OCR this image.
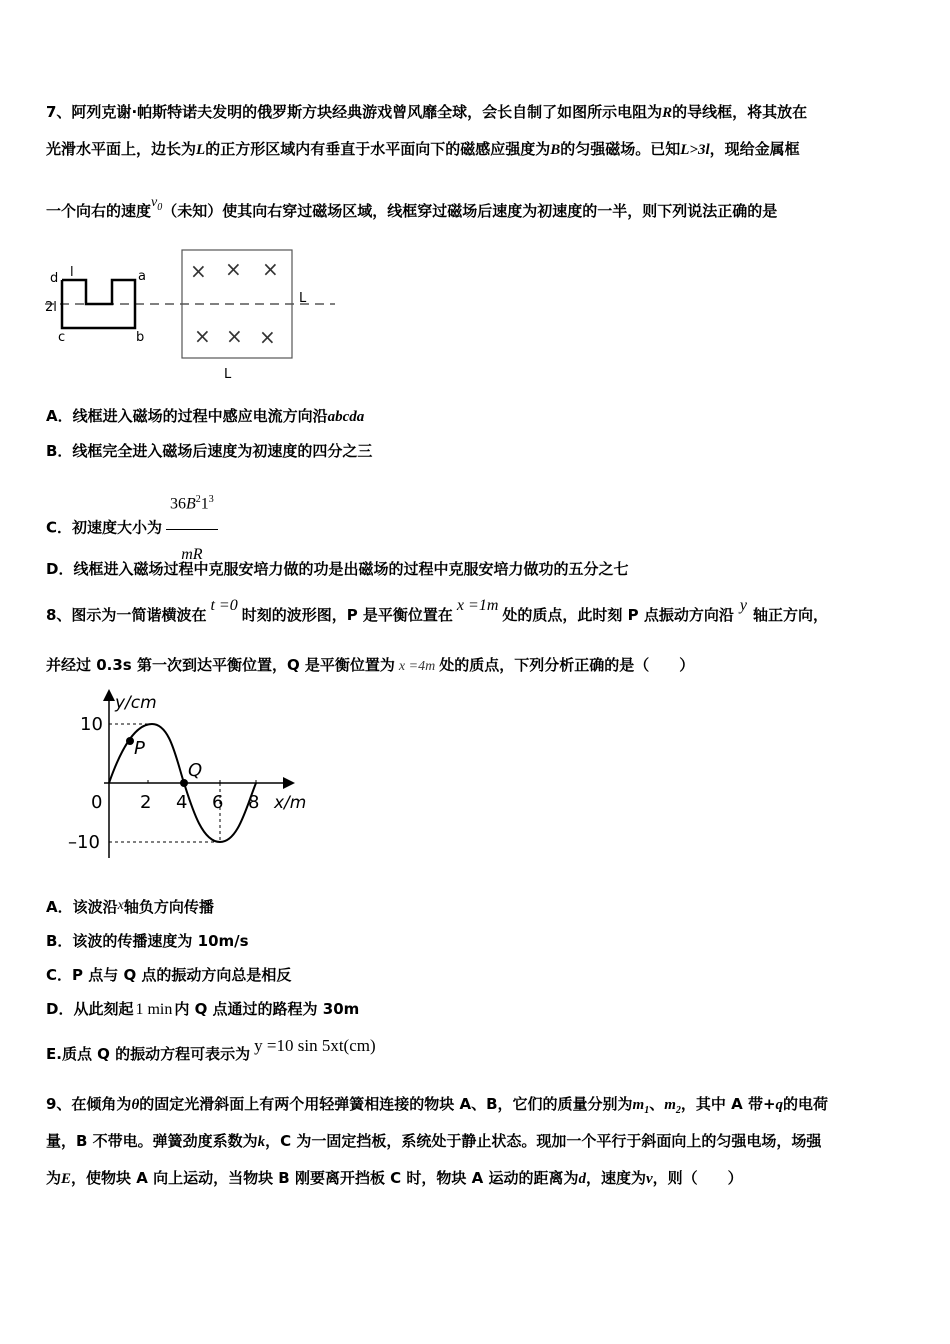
7、阿列克谢·帕斯特诺夫发明的俄罗斯方块经典游戏曾风靡全球，会长自制了如图所示电阻为R的导线框，将其放在
光滑水平面上，边长为L的正方形区域内有垂直于水平面向下的磁感应强度为B的匀强磁场。已知L>3l，现给金属框
一个向右的速度$v_0$（未知）使其向右穿过磁场区域，线框穿过磁场后速度为初速度的一半，则下列说法正确的是
d l	a
2l
c	b
L
L
× × ×
× × ×
A．线框进入磁场的过程中感应电流方向沿abcda
B．线框完全进入磁场后速度为初速度的四分之三
C．初速度大小为 $\frac{36B^21^3}{mR}$
D．线框进入磁场过程中克服安培力做的功是出磁场的过程中克服安培力做功的五分之七
8、图示为一简谐横波在t =0时刻的波形图，P 是平衡位置在x =1m处的质点，此时刻 P 点振动方向沿y轴正方向，
并经过 0.3s 第一次到达平衡位置，Q 是平衡位置为 x =4m 处的质点，下列分析正确的是（　　）
y/cm
10
–10
0 2 4 6 8 x/m
P
Q
A．该波沿x轴负方向传播
B．该波的传播速度为 10m/s
C．P 点与 Q 点的振动方向总是相反
D．从此刻起 1 min 内 Q 点通过的路程为 30m
E.质点 Q 的振动方程可表示为 y =10 sin 5xt(cm)
9、在倾角为θ的固定光滑斜面上有两个用轻弹簧相连接的物块 A、B，它们的质量分别为$m_1$、$m_2$，其中 A 带+q的电荷
量，B 不带电。弹簧劲度系数为k，C 为一固定挡板，系统处于静止状态。现加一个平行于斜面向上的匀强电场，场强
为E，使物块 A 向上运动，当物块 B 刚要离开挡板 C 时，物块 A 运动的距离为d，速度为v，则（　　）
